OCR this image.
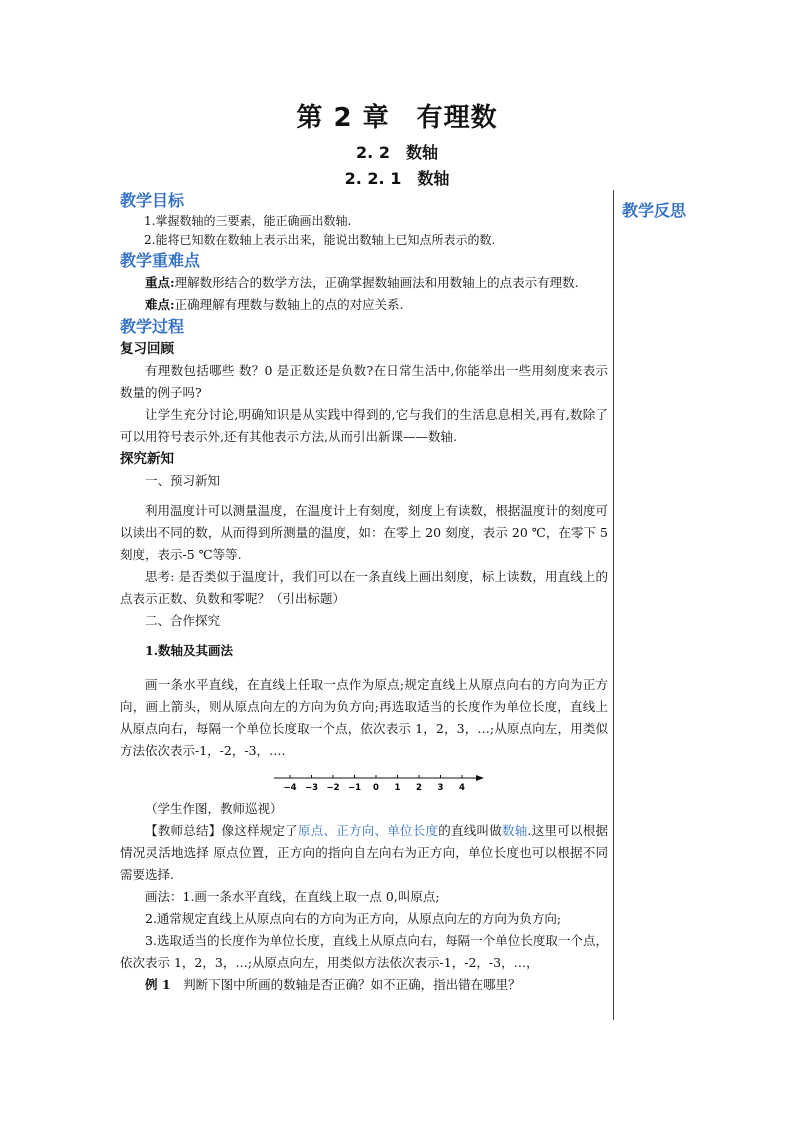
第 2 章　有理数
2. 2　数轴
2. 2. 1　数轴
教学反思
教学目标

1.掌握数轴的三要素，能正确画出数轴.

2.能将已知数在数轴上表示出来，能说出数轴上已知点所表示的数.

教学重难点

重点:理解数形结合的数学方法，正确掌握数轴画法和用数轴上的点表示有理数.

难点:正确理解有理数与数轴上的点的对应关系.

教学过程
复习回顾

有理数包括哪些 数？0 是正数还是负数?在日常生活中,你能举出一些用刻度来表示数量的例子吗?

让学生充分讨论,明确知识是从实践中得到的,它与我们的生活息息相关,再有,数除了可以用符号表示外,还有其他表示方法,从而引出新课——数轴.

探究新知

一、预习新知

利用温度计可以测量温度，在温度计上有刻度，刻度上有读数，根据温度计的刻度可以读出不同的数，从而得到所测量的温度，如：在零上 20 刻度，表示 20 ℃，在零下 5 刻度，表示-5 ℃等等.

思考: 是否类似于温度计，我们可以在一条直线上画出刻度，标上读数，用直线上的点表示正数、负数和零呢？（引出标题）

二、合作探究

1.数轴及其画法

画一条水平直线，在直线上任取一点作为原点;规定直线上从原点向右的方向为正方向，画上箭头，则从原点向左的方向为负方向;再选取适当的长度作为单位长度，直线上从原点向右，每隔一个单位长度取一个点，依次表示 1，2，3，…;从原点向左，用类似方法依次表示-1，-2，-3，….

−4 −3 −2 −1 0 1 2 3 4

（学生作图，教师巡视）

【教师总结】像这样规定了原点、正方向、单位长度的直线叫做数轴.这里可以根据情况灵活地选择 原点位置，正方向的指向自左向右为正方向，单位长度也可以根据不同需要选择.

画法：1.画一条水平直线，在直线上取一点 0,叫原点;

2.通常规定直线上从原点向右的方向为正方向，从原点向左的方向为负方向;

3.选取适当的长度作为单位长度，直线上从原点向右，每隔一个单位长度取一个点，依次表示 1，2，3，…;从原点向左，用类似方法依次表示-1，-2，-3，…，

例 1　 判断下图中所画的数轴是否正确？如不正确，指出错在哪里？
